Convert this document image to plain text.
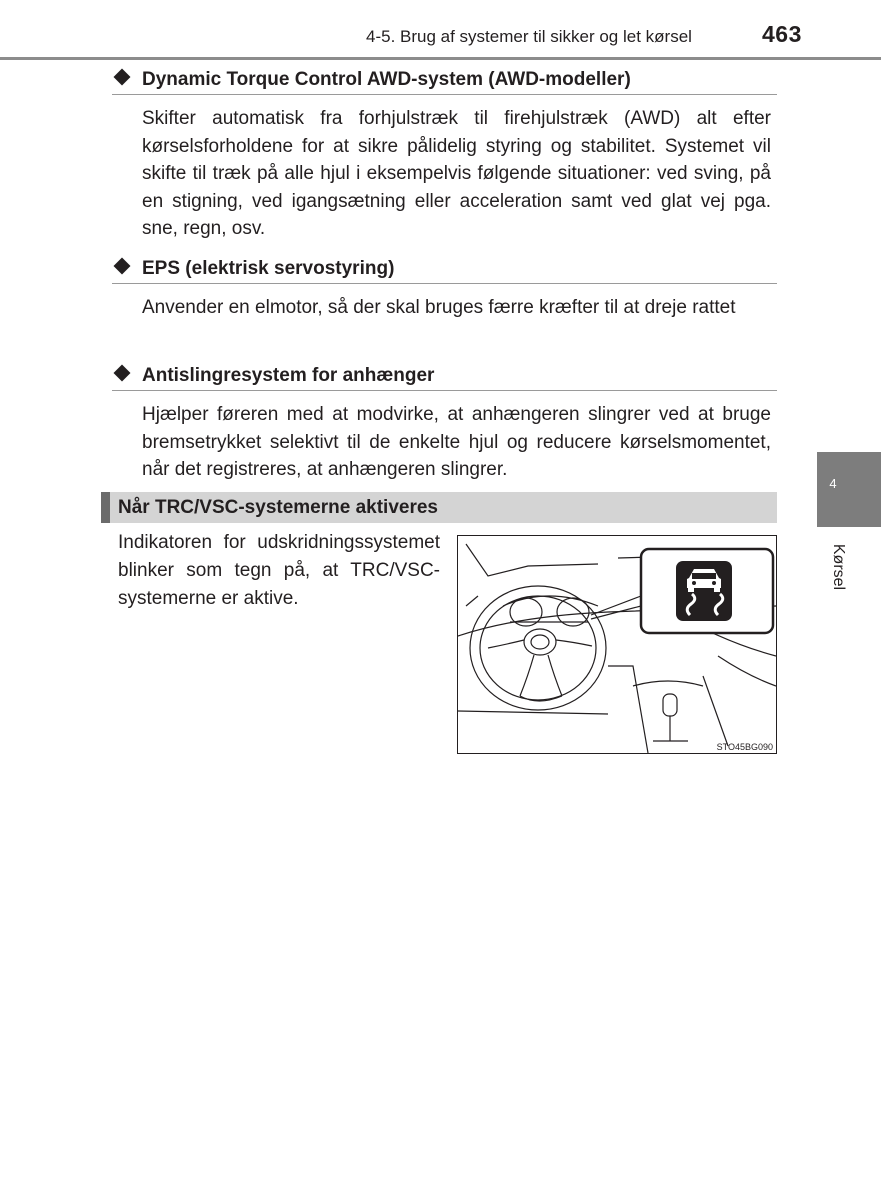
4-5. Brug af systemer til sikker og let kørsel	463
Dynamic Torque Control AWD-system (AWD-modeller)
Skifter automatisk fra forhjulstræk til firehjulstræk (AWD) alt efter kørselsforholdene for at sikre pålidelig styring og stabilitet. Systemet vil skifte til træk på alle hjul i eksempelvis følgende situationer: ved sving, på en stigning, ved igangsætning eller acceleration samt ved glat vej pga. sne, regn, osv.
EPS (elektrisk servostyring)
Anvender en elmotor, så der skal bruges færre kræfter til at dreje rattet
Antislingresystem for anhænger
Hjælper føreren med at modvirke, at anhængeren slingrer ved at bruge bremsetrykket selektivt til de enkelte hjul og reducere kørselsmomentet, når det registreres, at anhængeren slingrer.
Når TRC/VSC-systemerne aktiveres
Indikatoren for udskridningssystemet blinker som tegn på, at TRC/VSC-systemerne er aktive.
STO45BG090
4
Kørsel
